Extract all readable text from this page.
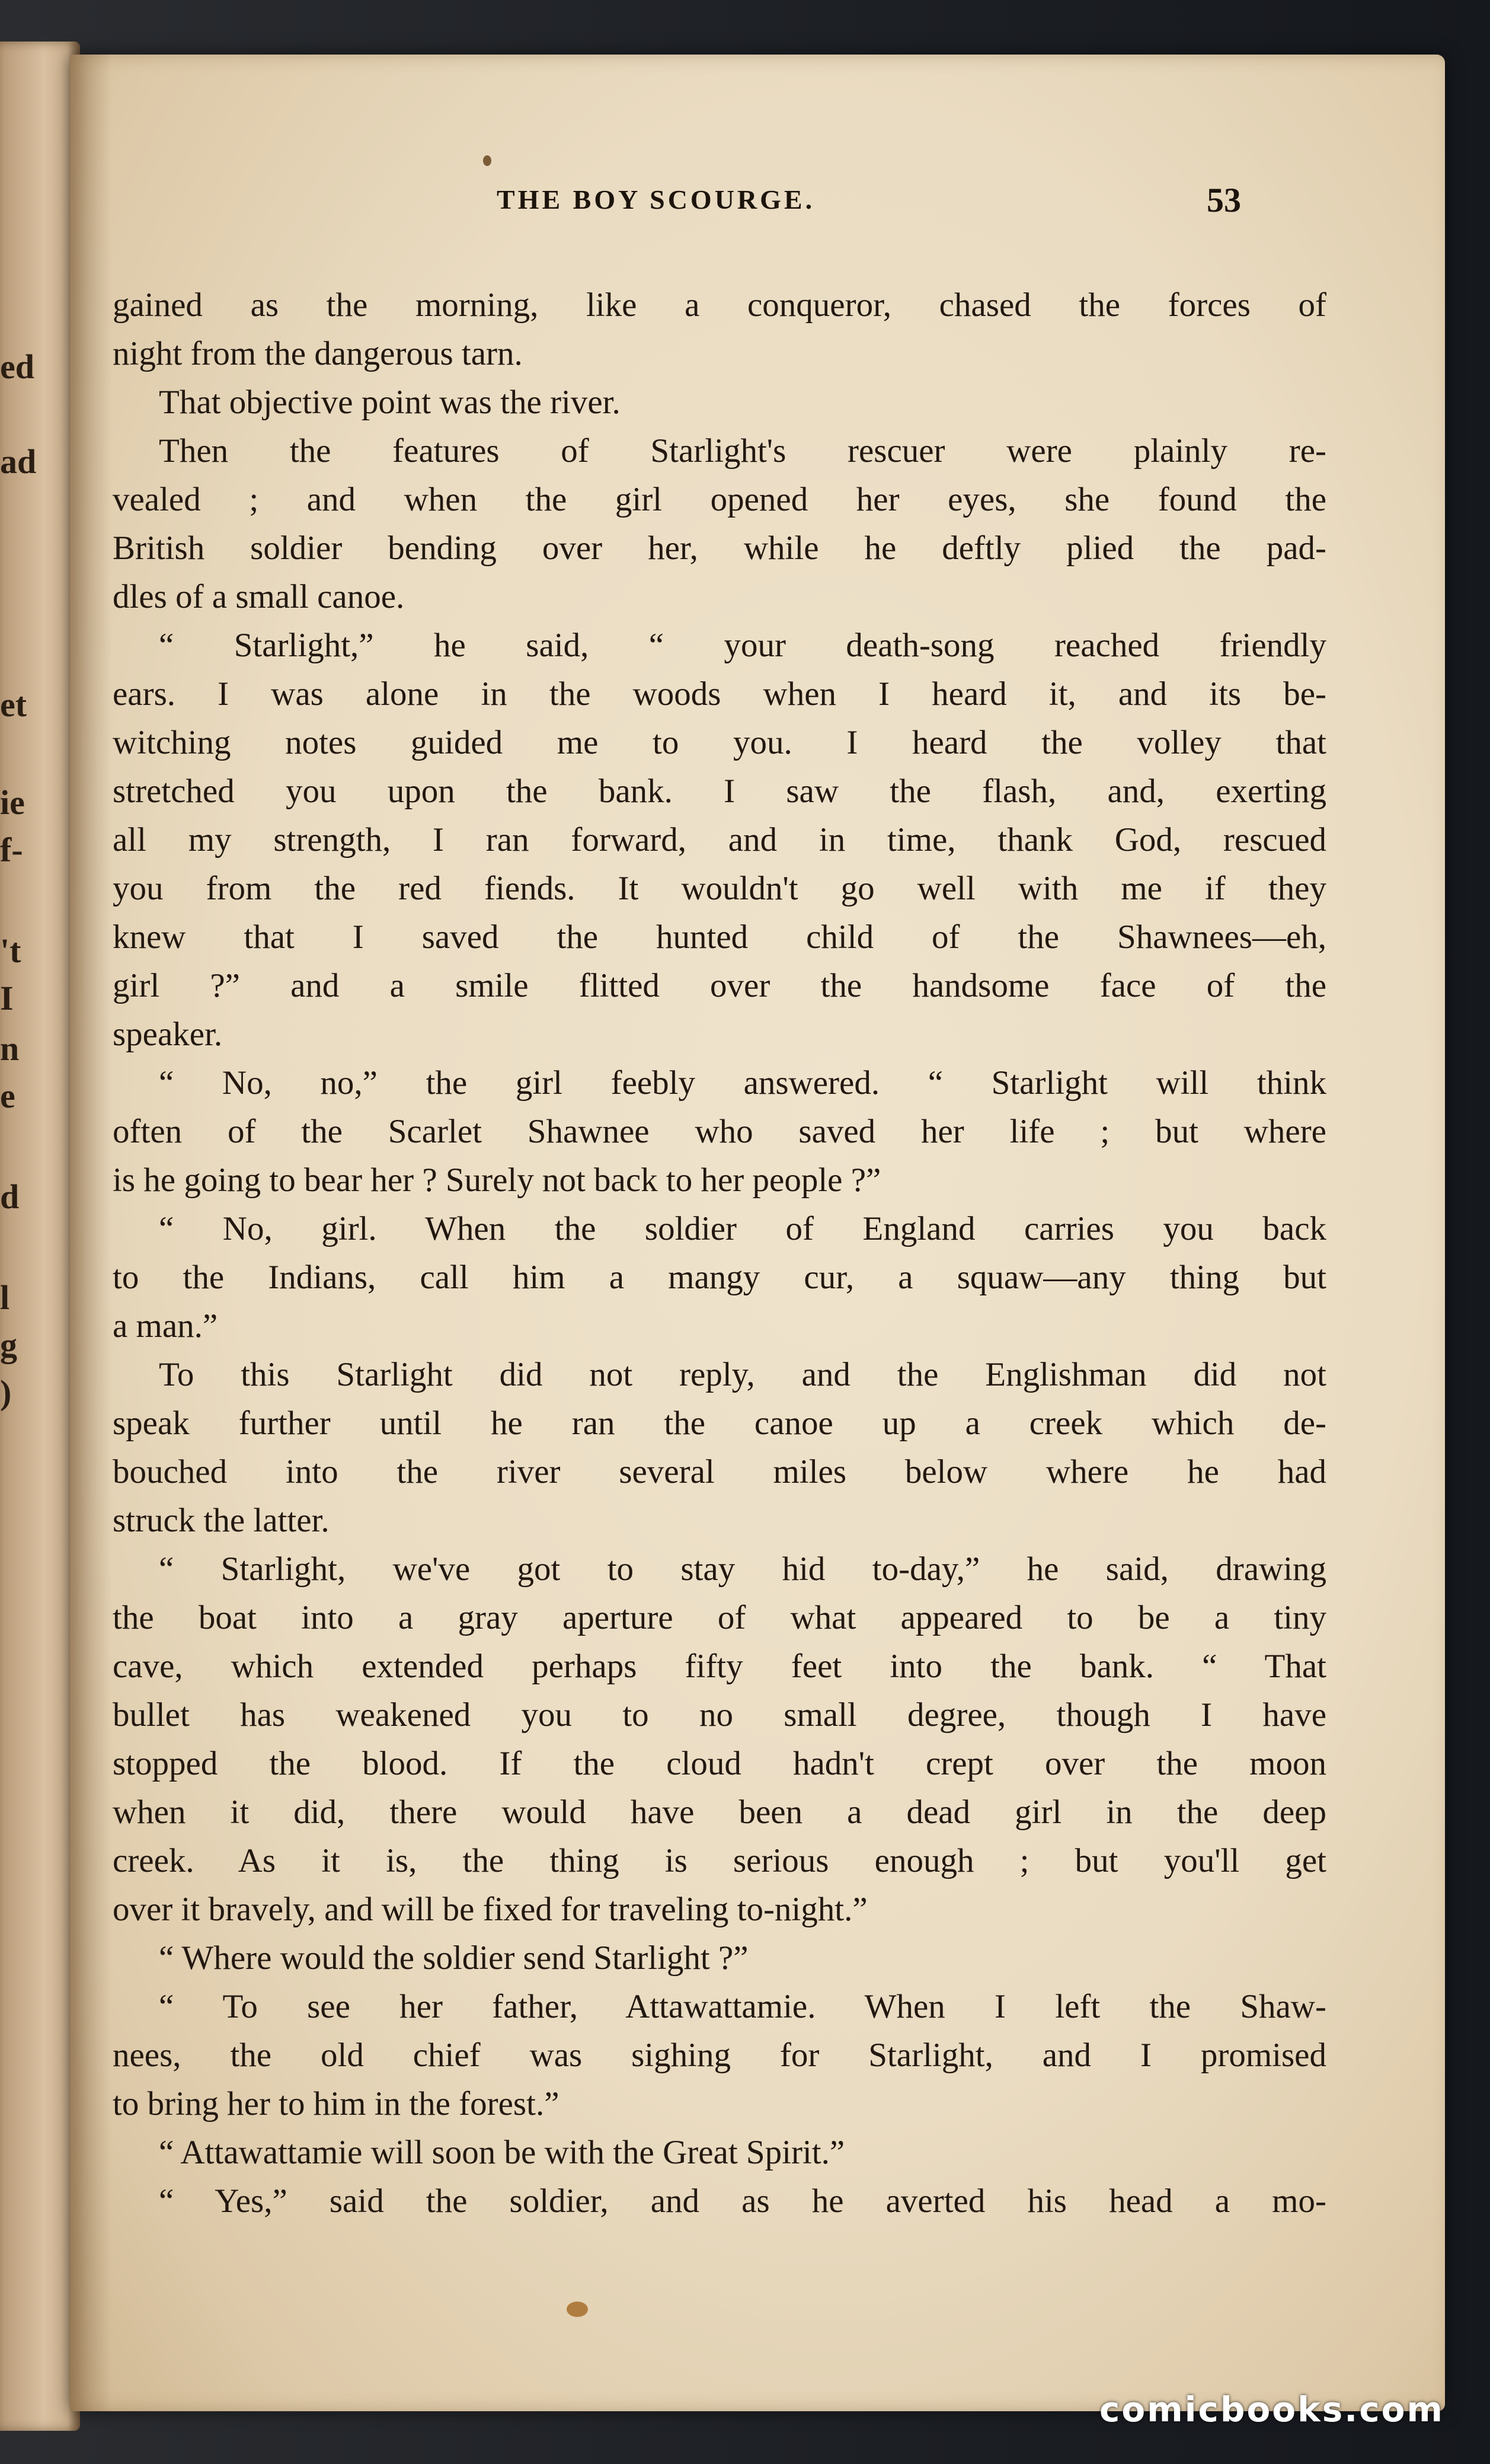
ed
ad
et
ie
f-
't
I
n
e
d
l
g
)
THE BOY SCOURGE.	53
gained as the morning, like a conqueror, chased the forces of
night from the dangerous tarn.
That objective point was the river.
Then the features of Starlight's rescuer were plainly re-
vealed ; and when the girl opened her eyes, she found the
British soldier bending over her, while he deftly plied the pad-
dles of a small canoe.
“ Starlight,” he said, “ your death-song reached friendly
ears. I was alone in the woods when I heard it, and its be-
witching notes guided me to you. I heard the volley that
stretched you upon the bank. I saw the flash, and, exerting
all my strength, I ran forward, and in time, thank God, rescued
you from the red fiends. It wouldn't go well with me if they
knew that I saved the hunted child of the Shawnees—eh,
girl ?” and a smile flitted over the handsome face of the
speaker.
“ No, no,” the girl feebly answered. “ Starlight will think
often of the Scarlet Shawnee who saved her life ; but where
is he going to bear her ? Surely not back to her people ?”
“ No, girl. When the soldier of England carries you back
to the Indians, call him a mangy cur, a squaw—any thing but
a man.”
To this Starlight did not reply, and the Englishman did not
speak further until he ran the canoe up a creek which de-
bouched into the river several miles below where he had
struck the latter.
“ Starlight, we've got to stay hid to-day,” he said, drawing
the boat into a gray aperture of what appeared to be a tiny
cave, which extended perhaps fifty feet into the bank. “ That
bullet has weakened you to no small degree, though I have
stopped the blood. If the cloud hadn't crept over the moon
when it did, there would have been a dead girl in the deep
creek. As it is, the thing is serious enough ; but you'll get
over it bravely, and will be fixed for traveling to-night.”
“ Where would the soldier send Starlight ?”
“ To see her father, Attawattamie. When I left the Shaw-
nees, the old chief was sighing for Starlight, and I promised
to bring her to him in the forest.”
“ Attawattamie will soon be with the Great Spirit.”
“ Yes,” said the soldier, and as he averted his head a mo-
comicbooks.com
